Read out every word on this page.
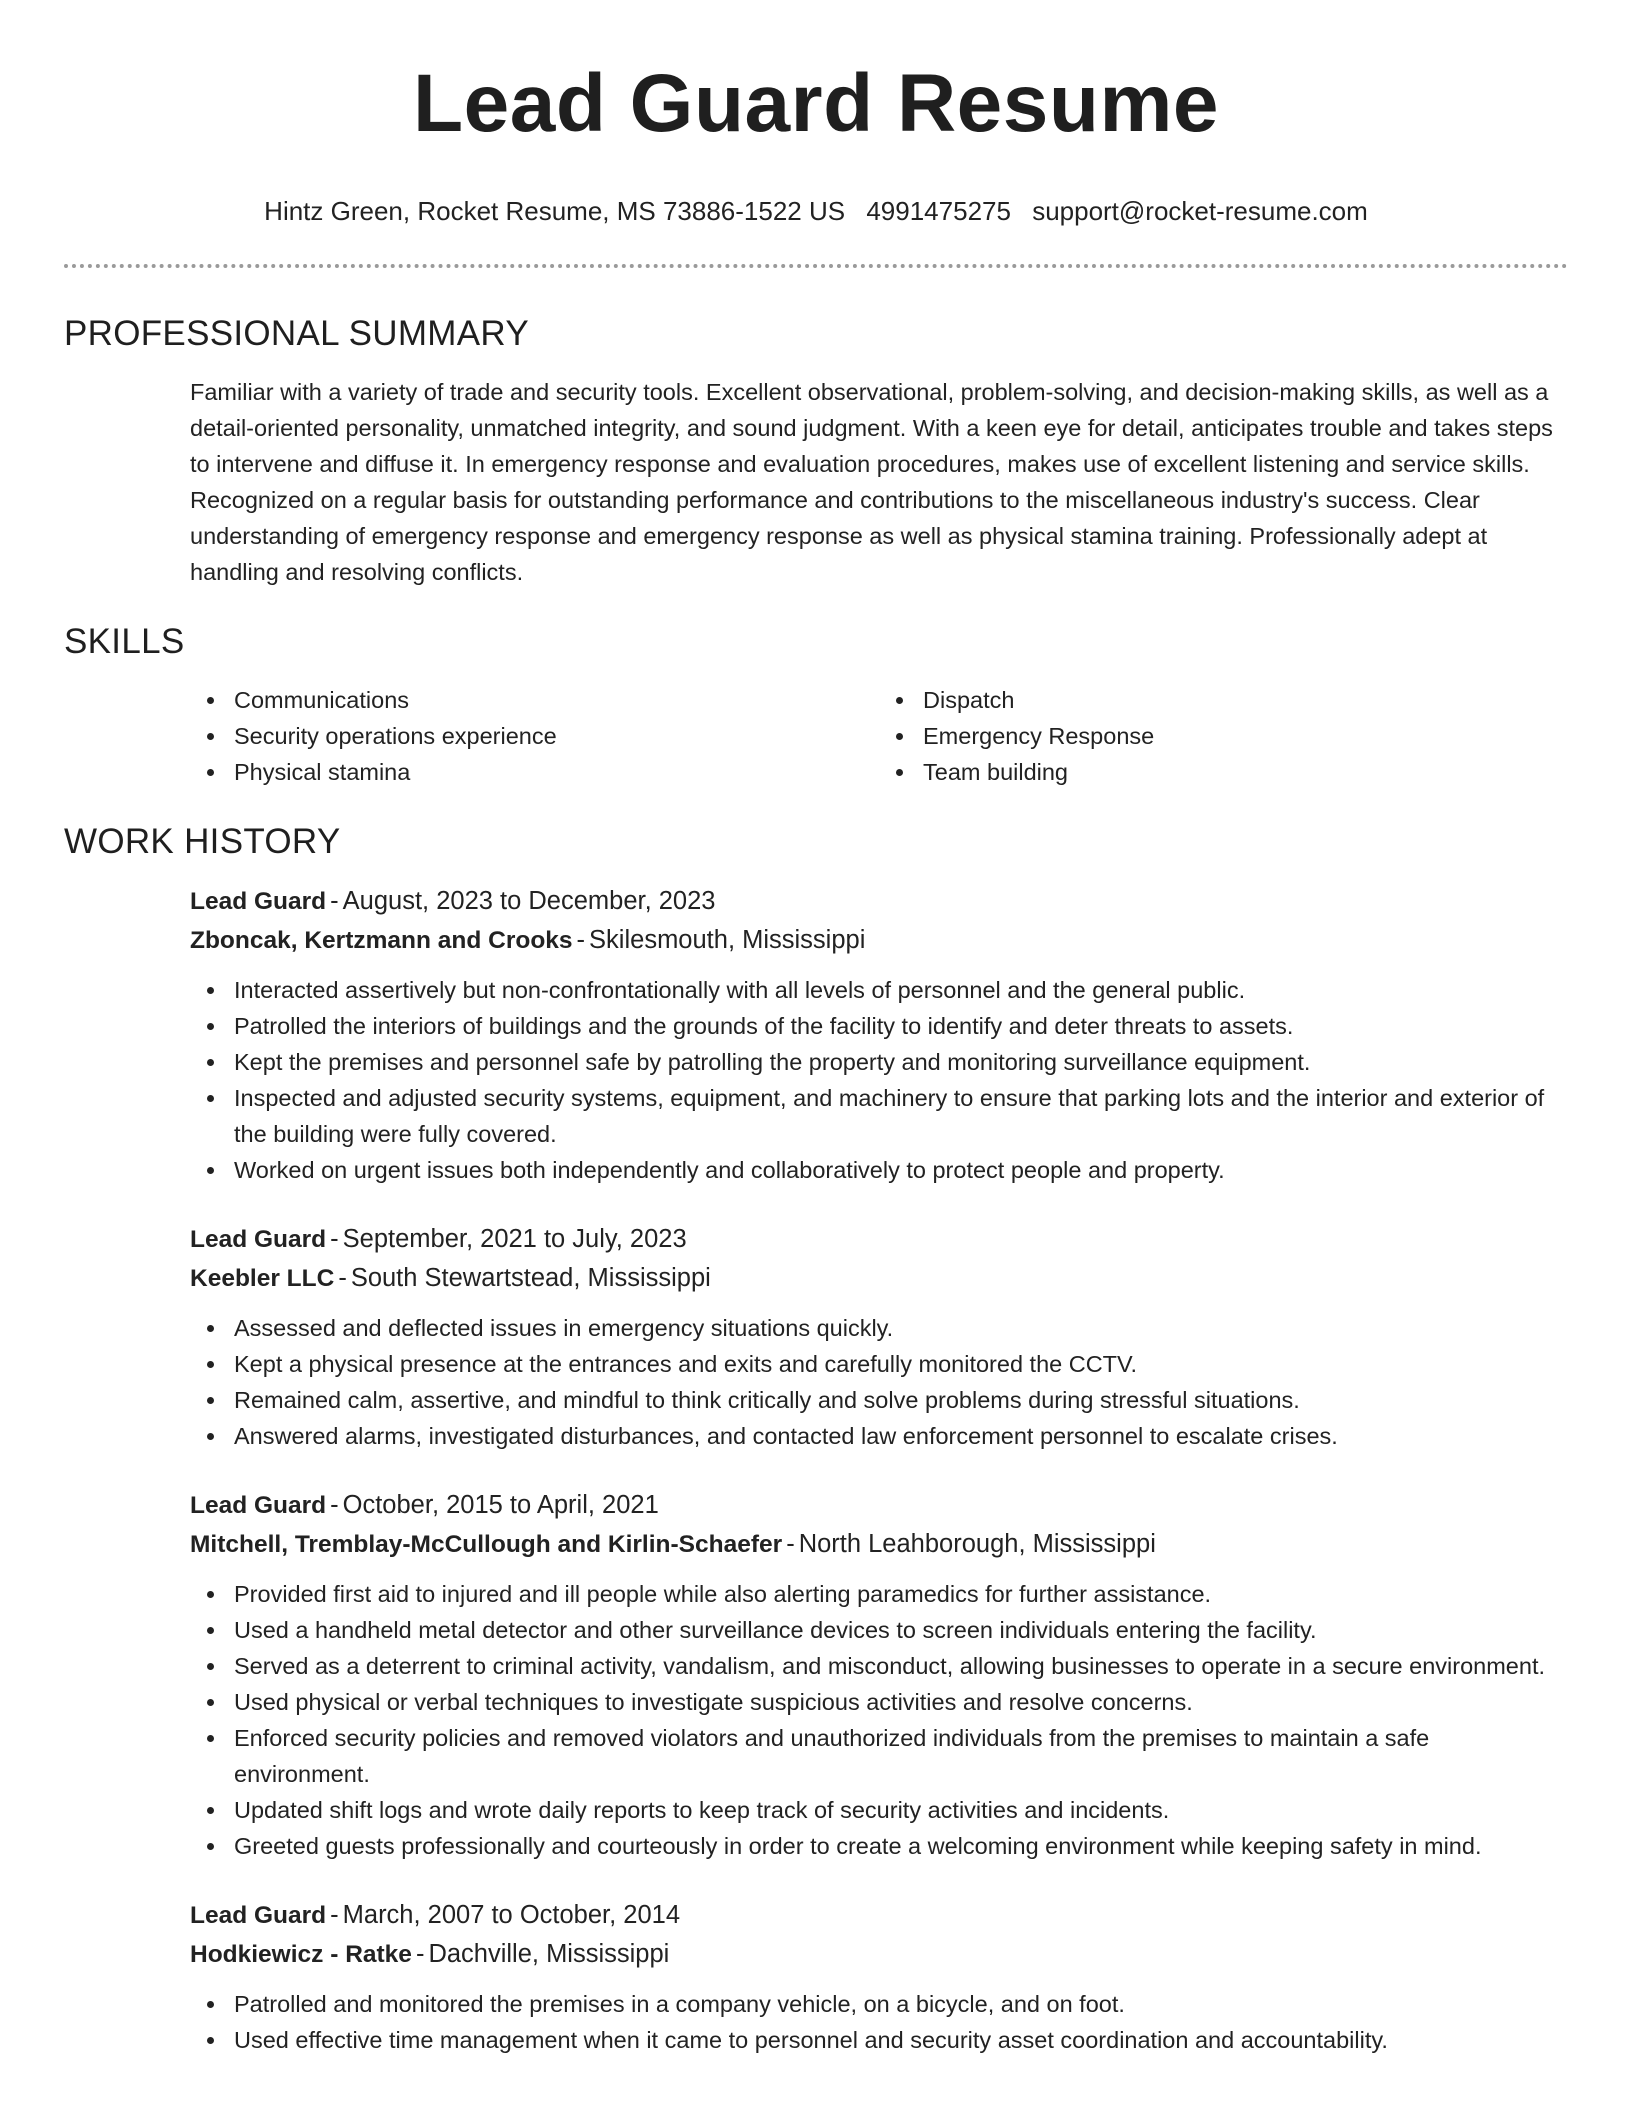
Lead Guard Resume
Hintz Green, Rocket Resume, MS 73886-1522 US 4991475275 support@rocket-resume.com
PROFESSIONAL SUMMARY

Familiar with a variety of trade and security tools. Excellent observational, problem-solving, and decision-making skills, as well as a detail-oriented personality, unmatched integrity, and sound judgment. With a keen eye for detail, anticipates trouble and takes steps to intervene and diffuse it. In emergency response and evaluation procedures, makes use of excellent listening and service skills. Recognized on a regular basis for outstanding performance and contributions to the miscellaneous industry's success. Clear understanding of emergency response and emergency response as well as physical stamina training. Professionally adept at handling and resolving conflicts.

SKILLS
Communications
Security operations experience
Physical stamina
Dispatch
Emergency Response
Team building
WORK HISTORY
Lead Guard - August, 2023 to December, 2023
Zboncak, Kertzmann and Crooks - Skilesmouth, Mississippi
Interacted assertively but non-confrontationally with all levels of personnel and the general public.
Patrolled the interiors of buildings and the grounds of the facility to identify and deter threats to assets.
Kept the premises and personnel safe by patrolling the property and monitoring surveillance equipment.
Inspected and adjusted security systems, equipment, and machinery to ensure that parking lots and the interior and exterior of the building were fully covered.
Worked on urgent issues both independently and collaboratively to protect people and property.
Lead Guard - September, 2021 to July, 2023
Keebler LLC - South Stewartstead, Mississippi
Assessed and deflected issues in emergency situations quickly.
Kept a physical presence at the entrances and exits and carefully monitored the CCTV.
Remained calm, assertive, and mindful to think critically and solve problems during stressful situations.
Answered alarms, investigated disturbances, and contacted law enforcement personnel to escalate crises.
Lead Guard - October, 2015 to April, 2021
Mitchell, Tremblay-McCullough and Kirlin-Schaefer - North Leahborough, Mississippi
Provided first aid to injured and ill people while also alerting paramedics for further assistance.
Used a handheld metal detector and other surveillance devices to screen individuals entering the facility.
Served as a deterrent to criminal activity, vandalism, and misconduct, allowing businesses to operate in a secure environment.
Used physical or verbal techniques to investigate suspicious activities and resolve concerns.
Enforced security policies and removed violators and unauthorized individuals from the premises to maintain a safe environment.
Updated shift logs and wrote daily reports to keep track of security activities and incidents.
Greeted guests professionally and courteously in order to create a welcoming environment while keeping safety in mind.
Lead Guard - March, 2007 to October, 2014
Hodkiewicz - Ratke - Dachville, Mississippi
Patrolled and monitored the premises in a company vehicle, on a bicycle, and on foot.
Used effective time management when it came to personnel and security asset coordination and accountability.
